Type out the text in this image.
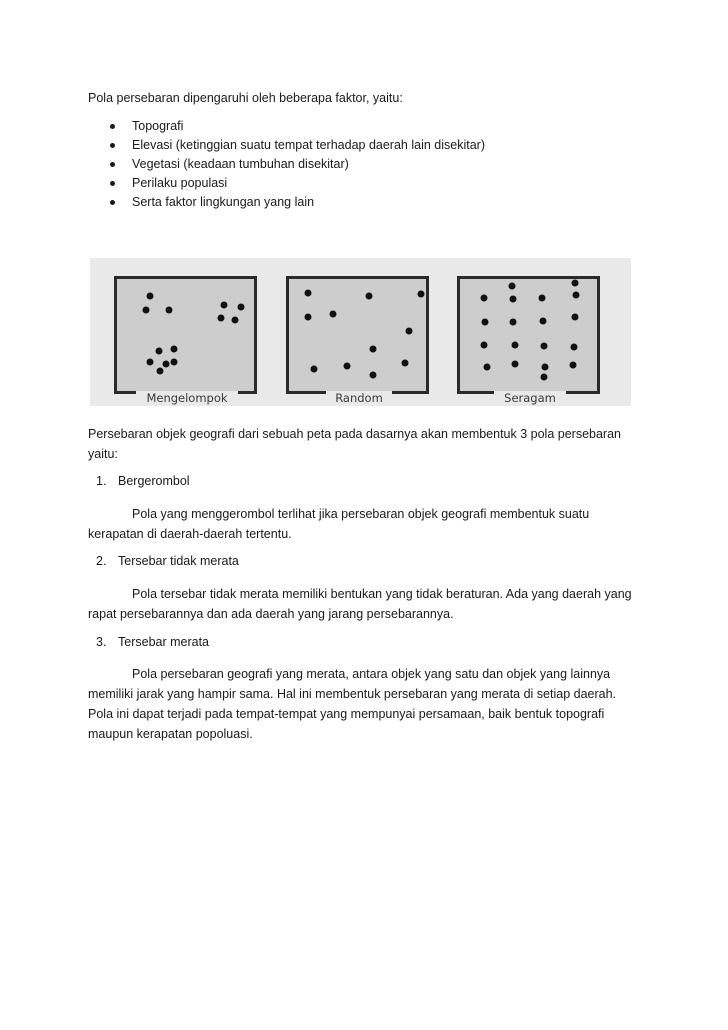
Pola persebaran dipengaruhi oleh beberapa faktor, yaitu:
Topografi
Elevasi (ketinggian suatu tempat terhadap daerah lain disekitar)
Vegetasi (keadaan tumbuhan disekitar)
Perilaku populasi
Serta faktor lingkungan yang lain
Mengelompok	Random	Seragam
Persebaran objek geografi dari sebuah peta pada dasarnya akan membentuk 3 pola persebaran
yaitu:
1. Bergerombol
Pola yang menggerombol terlihat jika persebaran objek geografi membentuk suatu kerapatan di daerah-daerah tertentu.
2. Tersebar tidak merata
Pola tersebar tidak merata memiliki bentukan yang tidak beraturan. Ada yang daerah yang rapat persebarannya dan ada daerah yang jarang persebarannya.
3. Tersebar merata
Pola persebaran geografi yang merata, antara objek yang satu dan objek yang lainnya memiliki jarak yang hampir sama. Hal ini membentuk persebaran yang merata di setiap daerah. Pola ini dapat terjadi pada tempat-tempat yang mempunyai persamaan, baik bentuk topografi maupun kerapatan popoluasi.
